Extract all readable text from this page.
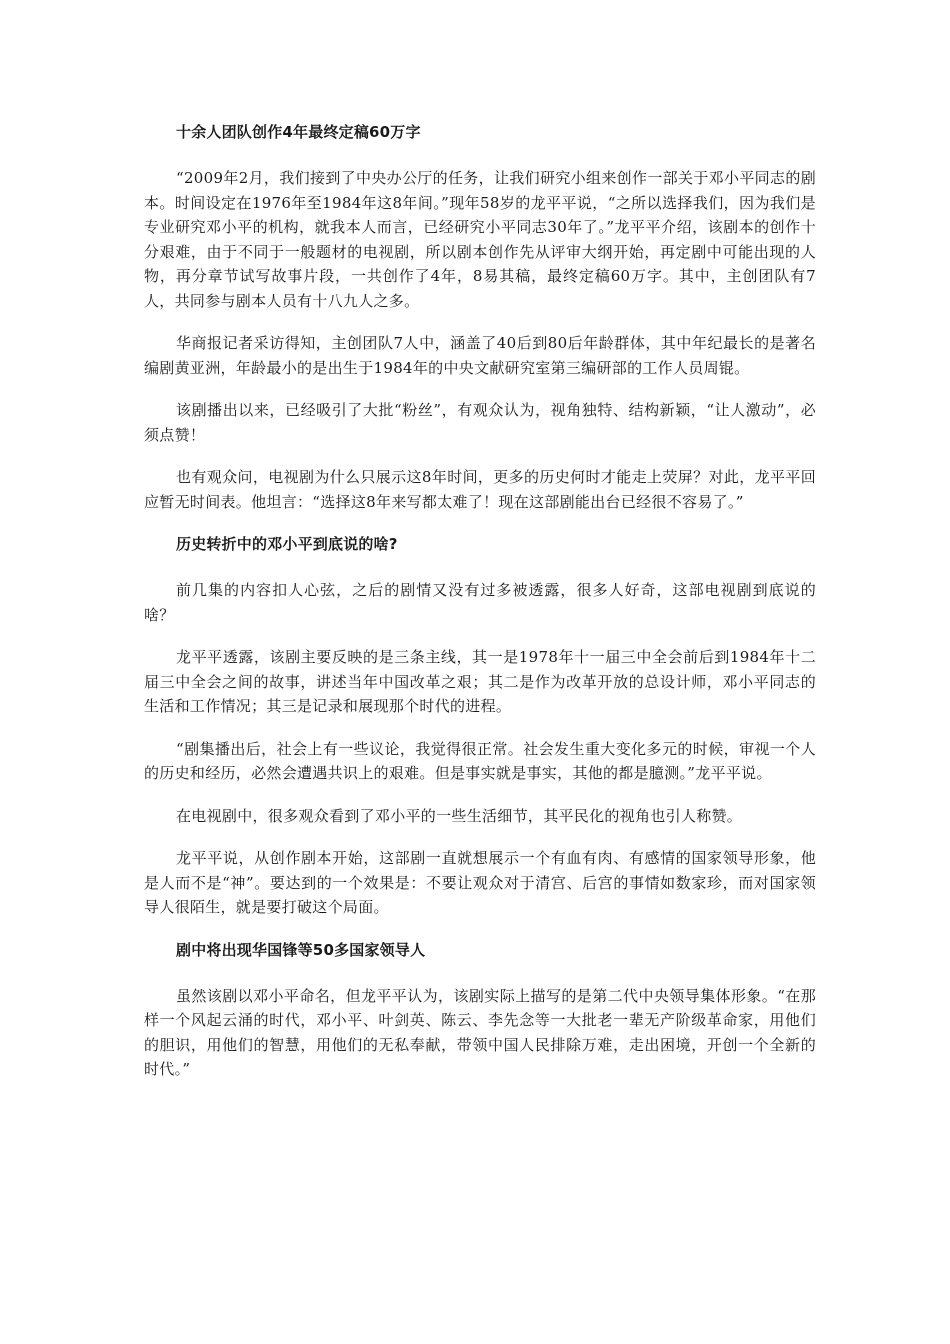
十余人团队创作4年最终定稿60万字

“2009年2月，我们接到了中央办公厅的任务，让我们研究小组来创作一部关于邓小平同志的剧本。时间设定在1976年至1984年这8年间。”现年58岁的龙平平说，“之所以选择我们，因为我们是专业研究邓小平的机构，就我本人而言，已经研究小平同志30年了。”龙平平介绍，该剧本的创作十分艰难，由于不同于一般题材的电视剧，所以剧本创作先从评审大纲开始，再定剧中可能出现的人物，再分章节试写故事片段，一共创作了4年，8易其稿，最终定稿60万字。其中，主创团队有7人，共同参与剧本人员有十八九人之多。

华商报记者采访得知，主创团队7人中，涵盖了40后到80后年龄群体，其中年纪最长的是著名编剧黄亚洲，年龄最小的是出生于1984年的中央文献研究室第三编研部的工作人员周锟。

该剧播出以来，已经吸引了大批“粉丝”，有观众认为，视角独特、结构新颖，“让人激动”，必须点赞！

也有观众问，电视剧为什么只展示这8年时间，更多的历史何时才能走上荧屏？对此，龙平平回应暂无时间表。他坦言：“选择这8年来写都太难了！现在这部剧能出台已经很不容易了。”

历史转折中的邓小平到底说的啥?

前几集的内容扣人心弦，之后的剧情又没有过多被透露，很多人好奇，这部电视剧到底说的啥？

龙平平透露，该剧主要反映的是三条主线，其一是1978年十一届三中全会前后到1984年十二届三中全会之间的故事，讲述当年中国改革之艰；其二是作为改革开放的总设计师，邓小平同志的生活和工作情况；其三是记录和展现那个时代的进程。

“剧集播出后，社会上有一些议论，我觉得很正常。社会发生重大变化多元的时候，审视一个人的历史和经历，必然会遭遇共识上的艰难。但是事实就是事实，其他的都是臆测。”龙平平说。

在电视剧中，很多观众看到了邓小平的一些生活细节，其平民化的视角也引人称赞。

龙平平说，从创作剧本开始，这部剧一直就想展示一个有血有肉、有感情的国家领导形象，他是人而不是“神”。要达到的一个效果是：不要让观众对于清宫、后宫的事情如数家珍，而对国家领导人很陌生，就是要打破这个局面。

剧中将出现华国锋等50多国家领导人

虽然该剧以邓小平命名，但龙平平认为，该剧实际上描写的是第二代中央领导集体形象。“在那样一个风起云涌的时代，邓小平、叶剑英、陈云、李先念等一大批老一辈无产阶级革命家，用他们的胆识，用他们的智慧，用他们的无私奉献，带领中国人民排除万难，走出困境，开创一个全新的时代。”
